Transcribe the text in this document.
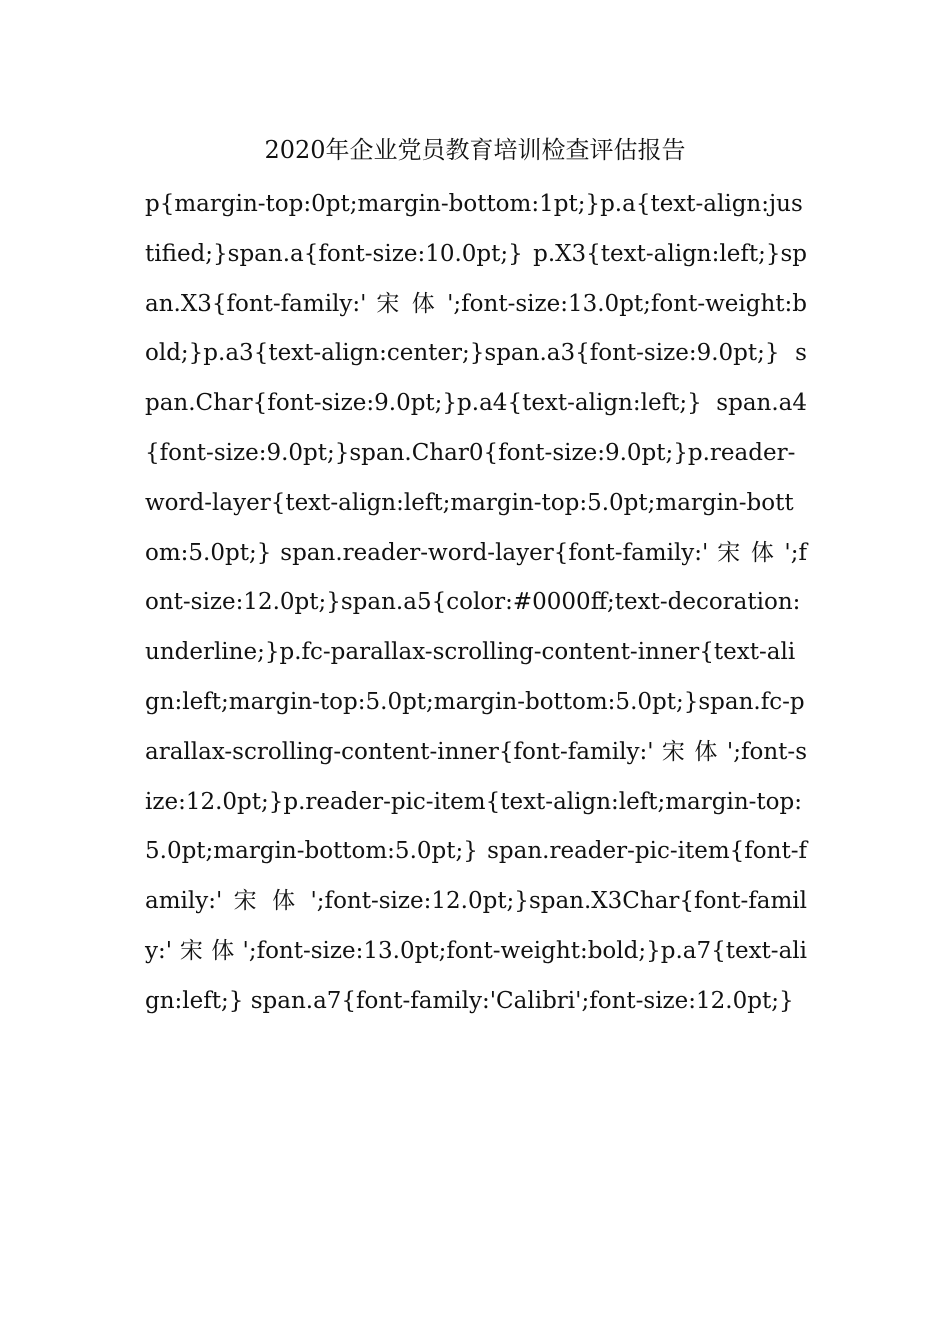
2020年企业党员教育培训检查评估报告

p{margin-top:0pt;margin-bottom:1pt;}p.a{text-align:justified;}span.a{font-size:10.0pt;} p.X3{text-align:left;}span.X3{font-family:' 宋 体 ';font-size:13.0pt;font-weight:bold;}p.a3{text-align:center;}span.a3{font-size:9.0pt;} span.Char{font-size:9.0pt;}p.a4{text-align:left;} span.a4{font-size:9.0pt;}span.Char0{font-size:9.0pt;}p.reader-word-layer{text-align:left;margin-top:5.0pt;margin-bottom:5.0pt;} span.reader-word-layer{font-family:' 宋 体 ';font-size:12.0pt;}span.a5{color:#0000ff;text-decoration:underline;}p.fc-parallax-scrolling-content-inner{text-align:left;margin-top:5.0pt;margin-bottom:5.0pt;}span.fc-parallax-scrolling-content-inner{font-family:' 宋 体 ';font-size:12.0pt;}p.reader-pic-item{text-align:left;margin-top:5.0pt;margin-bottom:5.0pt;} span.reader-pic-item{font-family:' 宋 体 ';font-size:12.0pt;}span.X3Char{font-family:' 宋 体 ';font-size:13.0pt;font-weight:bold;}p.a7{text-align:left;} span.a7{font-family:'Calibri';font-size:12.0pt;}
